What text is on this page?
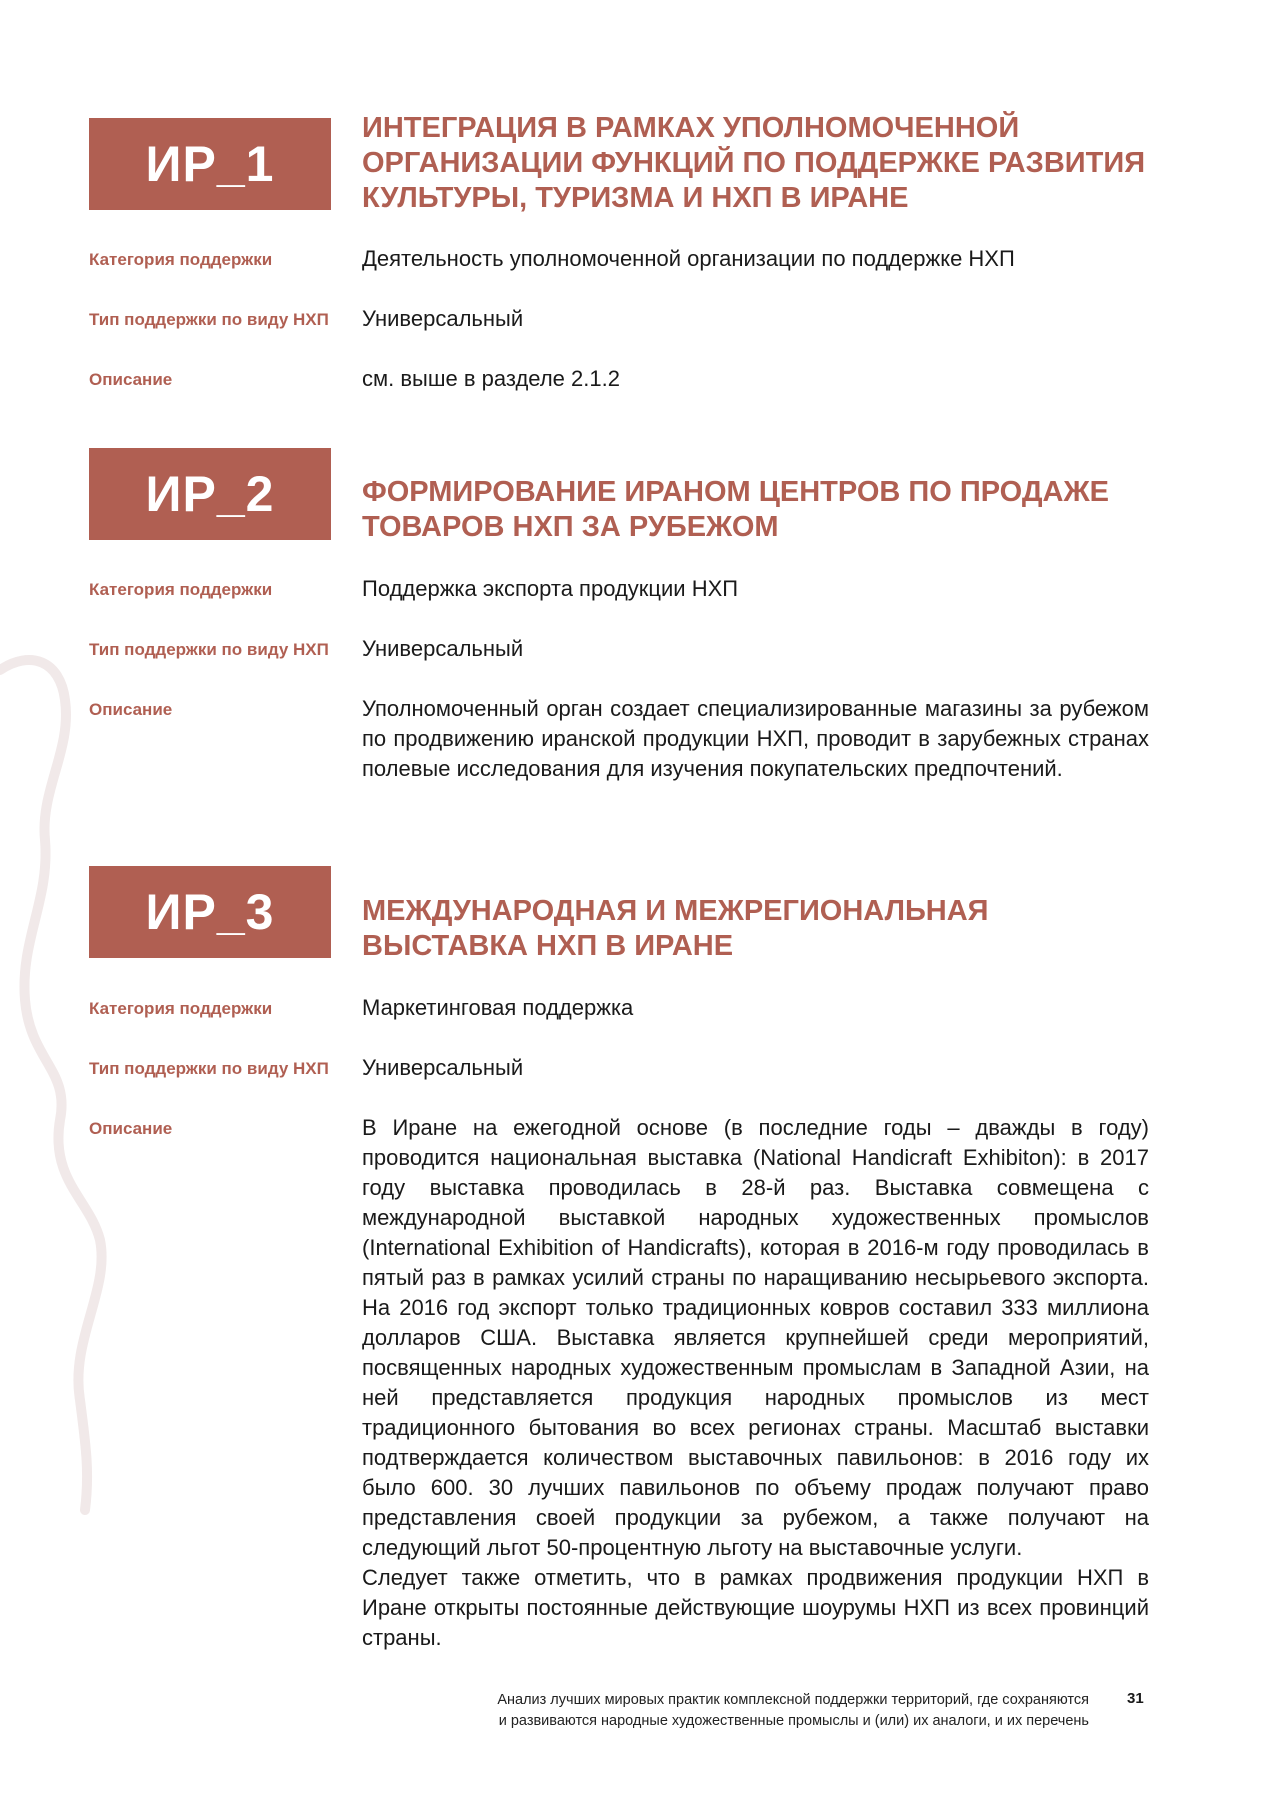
ИР_1
ИНТЕГРАЦИЯ В РАМКАХ УПОЛНОМОЧЕННОЙ ОРГАНИЗАЦИИ ФУНКЦИЙ ПО ПОДДЕРЖКЕ РАЗВИТИЯ КУЛЬТУРЫ, ТУРИЗМА И НХП В ИРАНЕ
Категория поддержки	Деятельность уполномоченной организации по поддержке НХП
Тип поддержки по виду НХП Универсальный
Описание	см. выше в разделе 2.1.2
ИР_2	ФОРМИРОВАНИЕ ИРАНОМ ЦЕНТРОВ ПО ПРОДАЖЕ ТОВАРОВ НХП ЗА РУБЕЖОМ
Категория поддержки	Поддержка экспорта продукции НХП
Тип поддержки по виду НХП Универсальный
Описание	Уполномоченный орган создает специализированные магазины за рубежом по продвижению иранской продукции НХП, проводит в зарубежных странах полевые исследования для изучения покупательских предпочтений.
ИР_3	МЕЖДУНАРОДНАЯ И МЕЖРЕГИОНАЛЬНАЯ ВЫСТАВКА НХП В ИРАНЕ
Категория поддержки	Маркетинговая поддержка
Тип поддержки по виду НХП Универсальный
Описание	В Иране на ежегодной основе (в последние годы – дважды в году) проводится национальная выставка (National Handicraft Exhibiton): в 2017 году выставка проводилась в 28-й раз. Выставка совмещена с международной выставкой народных художественных промыслов (International Exhibition of Handicrafts), которая в 2016-м году проводилась в пятый раз в рамках усилий страны по наращиванию несырьевого экспорта. На 2016 год экспорт только традиционных ковров составил 333 миллиона долларов США. Выставка является крупнейшей среди мероприятий, посвященных народных художественным промыслам в Западной Азии, на ней представляется продукция народных промыслов из мест традиционного бытования во всех регионах страны. Масштаб выставки подтверждается количеством выставочных павильонов: в 2016 году их было 600. 30 лучших павильонов по объему продаж получают право представления своей продукции за рубежом, а также получают на следующий льгот 50-процентную льготу на выставочные услуги.
Следует также отметить, что в рамках продвижения продукции НХП в Иране открыты постоянные действующие шоурумы НХП из всех провинций страны.
Анализ лучших мировых практик комплексной поддержки территорий, где сохраняются
и развиваются народные художественные промыслы и (или) их аналоги, и их перечень
31
